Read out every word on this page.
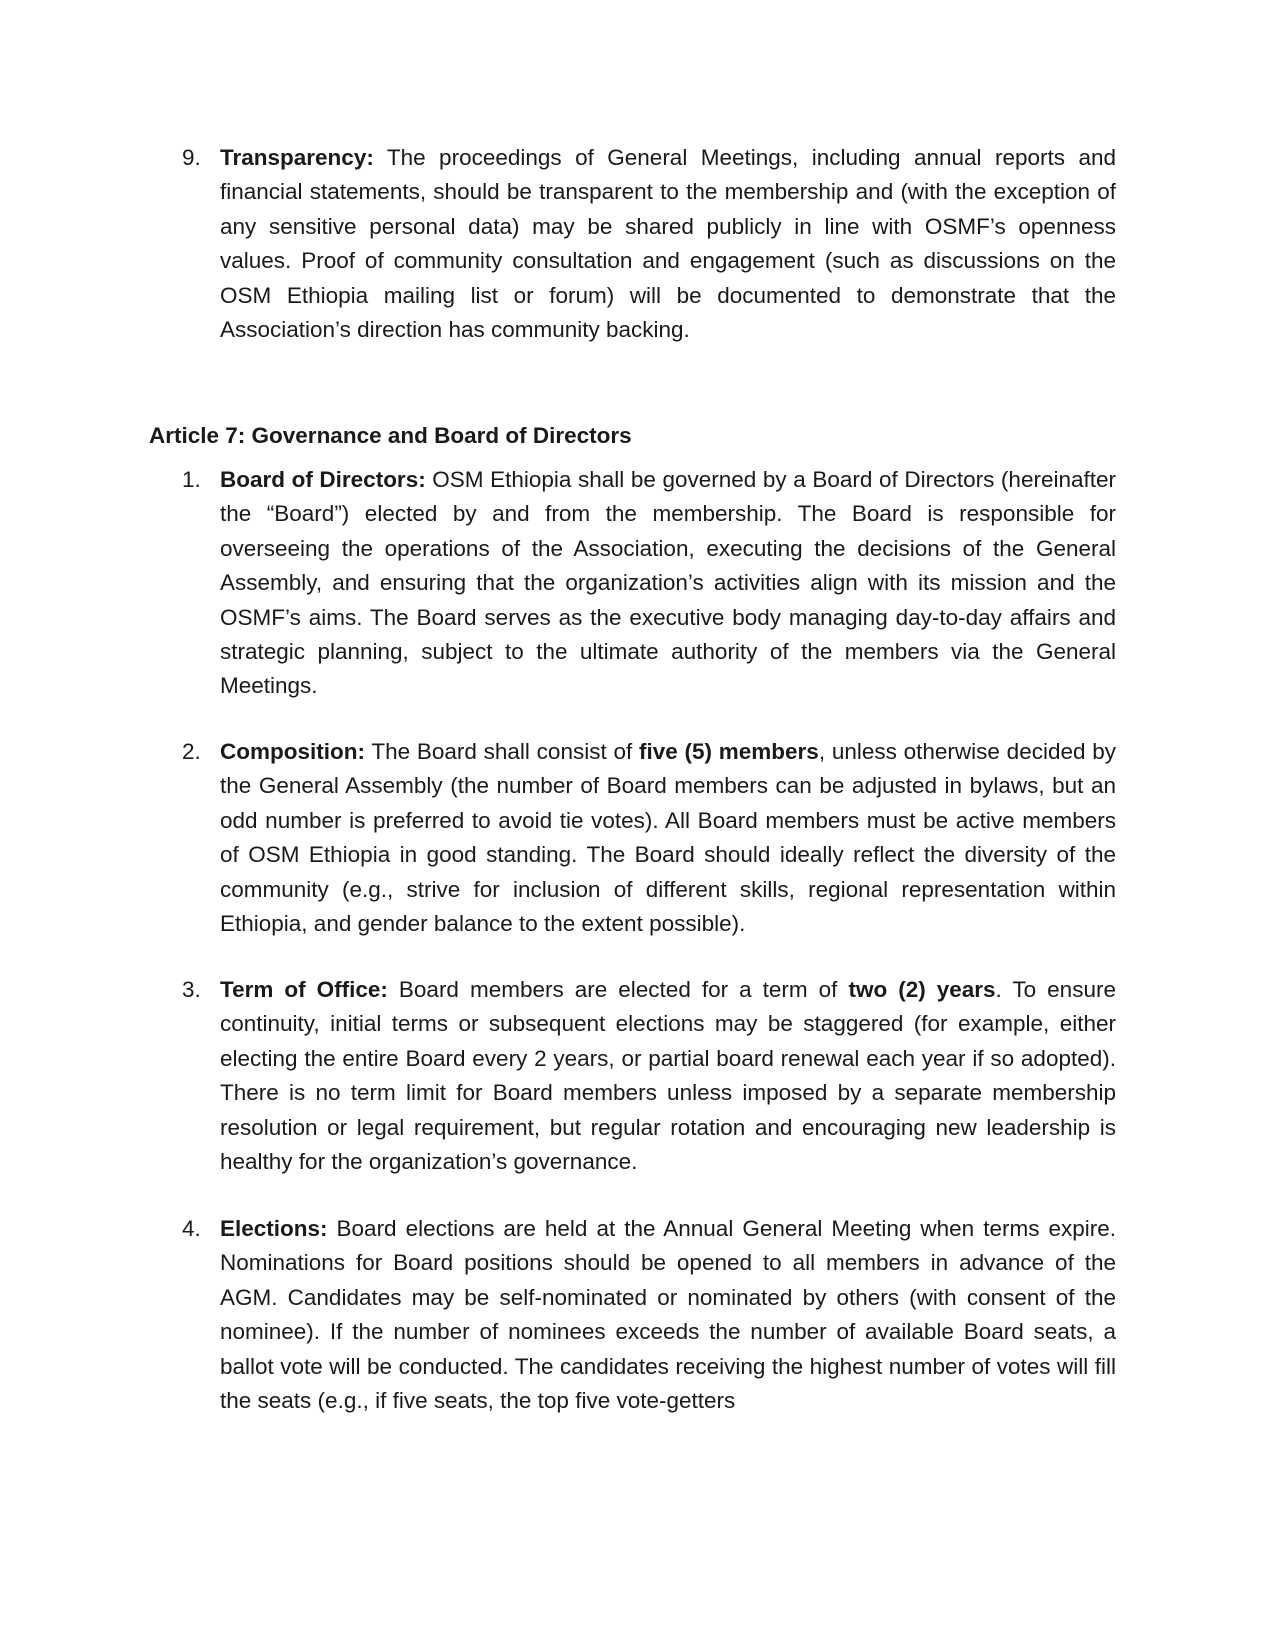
9. Transparency: The proceedings of General Meetings, including annual reports and financial statements, should be transparent to the membership and (with the exception of any sensitive personal data) may be shared publicly in line with OSMF’s openness values. Proof of community consultation and engagement (such as discussions on the OSM Ethiopia mailing list or forum) will be documented to demonstrate that the Association’s direction has community backing.
Article 7: Governance and Board of Directors
1. Board of Directors: OSM Ethiopia shall be governed by a Board of Directors (hereinafter the “Board”) elected by and from the membership. The Board is responsible for overseeing the operations of the Association, executing the decisions of the General Assembly, and ensuring that the organization’s activities align with its mission and the OSMF’s aims. The Board serves as the executive body managing day-to-day affairs and strategic planning, subject to the ultimate authority of the members via the General Meetings.
2. Composition: The Board shall consist of five (5) members, unless otherwise decided by the General Assembly (the number of Board members can be adjusted in bylaws, but an odd number is preferred to avoid tie votes). All Board members must be active members of OSM Ethiopia in good standing. The Board should ideally reflect the diversity of the community (e.g., strive for inclusion of different skills, regional representation within Ethiopia, and gender balance to the extent possible).
3. Term of Office: Board members are elected for a term of two (2) years. To ensure continuity, initial terms or subsequent elections may be staggered (for example, either electing the entire Board every 2 years, or partial board renewal each year if so adopted). There is no term limit for Board members unless imposed by a separate membership resolution or legal requirement, but regular rotation and encouraging new leadership is healthy for the organization’s governance.
4. Elections: Board elections are held at the Annual General Meeting when terms expire. Nominations for Board positions should be opened to all members in advance of the AGM. Candidates may be self-nominated or nominated by others (with consent of the nominee). If the number of nominees exceeds the number of available Board seats, a ballot vote will be conducted. The candidates receiving the highest number of votes will fill the seats (e.g., if five seats, the top five vote-getters
